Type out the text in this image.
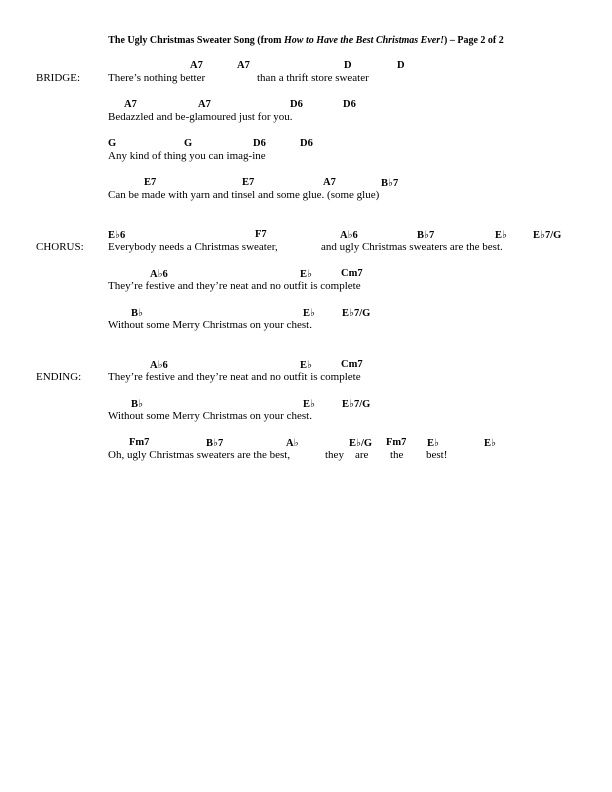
The Ugly Christmas Sweater Song (from How to Have the Best Christmas Ever!) – Page 2 of 2
BRIDGE:
A7	A7	D	D
There’s nothing better	than a thrift store sweater
A7	A7	D6	D6
Bedazzled and be-glamoured just for you.
G	G	D6	D6
Any kind of thing you can imag-ine
E7	E7	A7	B♭7
Can be made with yarn and tinsel and some glue. (some glue)
CHORUS:
E♭6	F7	A♭6	B♭7	E♭ E♭7/G
Everybody needs a Christmas sweater,	and ugly Christmas sweaters are the best.
A♭6	E♭	Cm7
They’re festive and they’re neat and no outfit is complete
B♭	E♭	E♭7/G
Without some Merry Christmas on your chest.
ENDING:
A♭6	E♭	Cm7
They’re festive and they’re neat and no outfit is complete
B♭	E♭	E♭7/G
Without some Merry Christmas on your chest.
Fm7	B♭7	A♭	E♭/G Fm7 E♭	E♭
Oh, ugly Christmas sweaters are the best,	they are the best!
